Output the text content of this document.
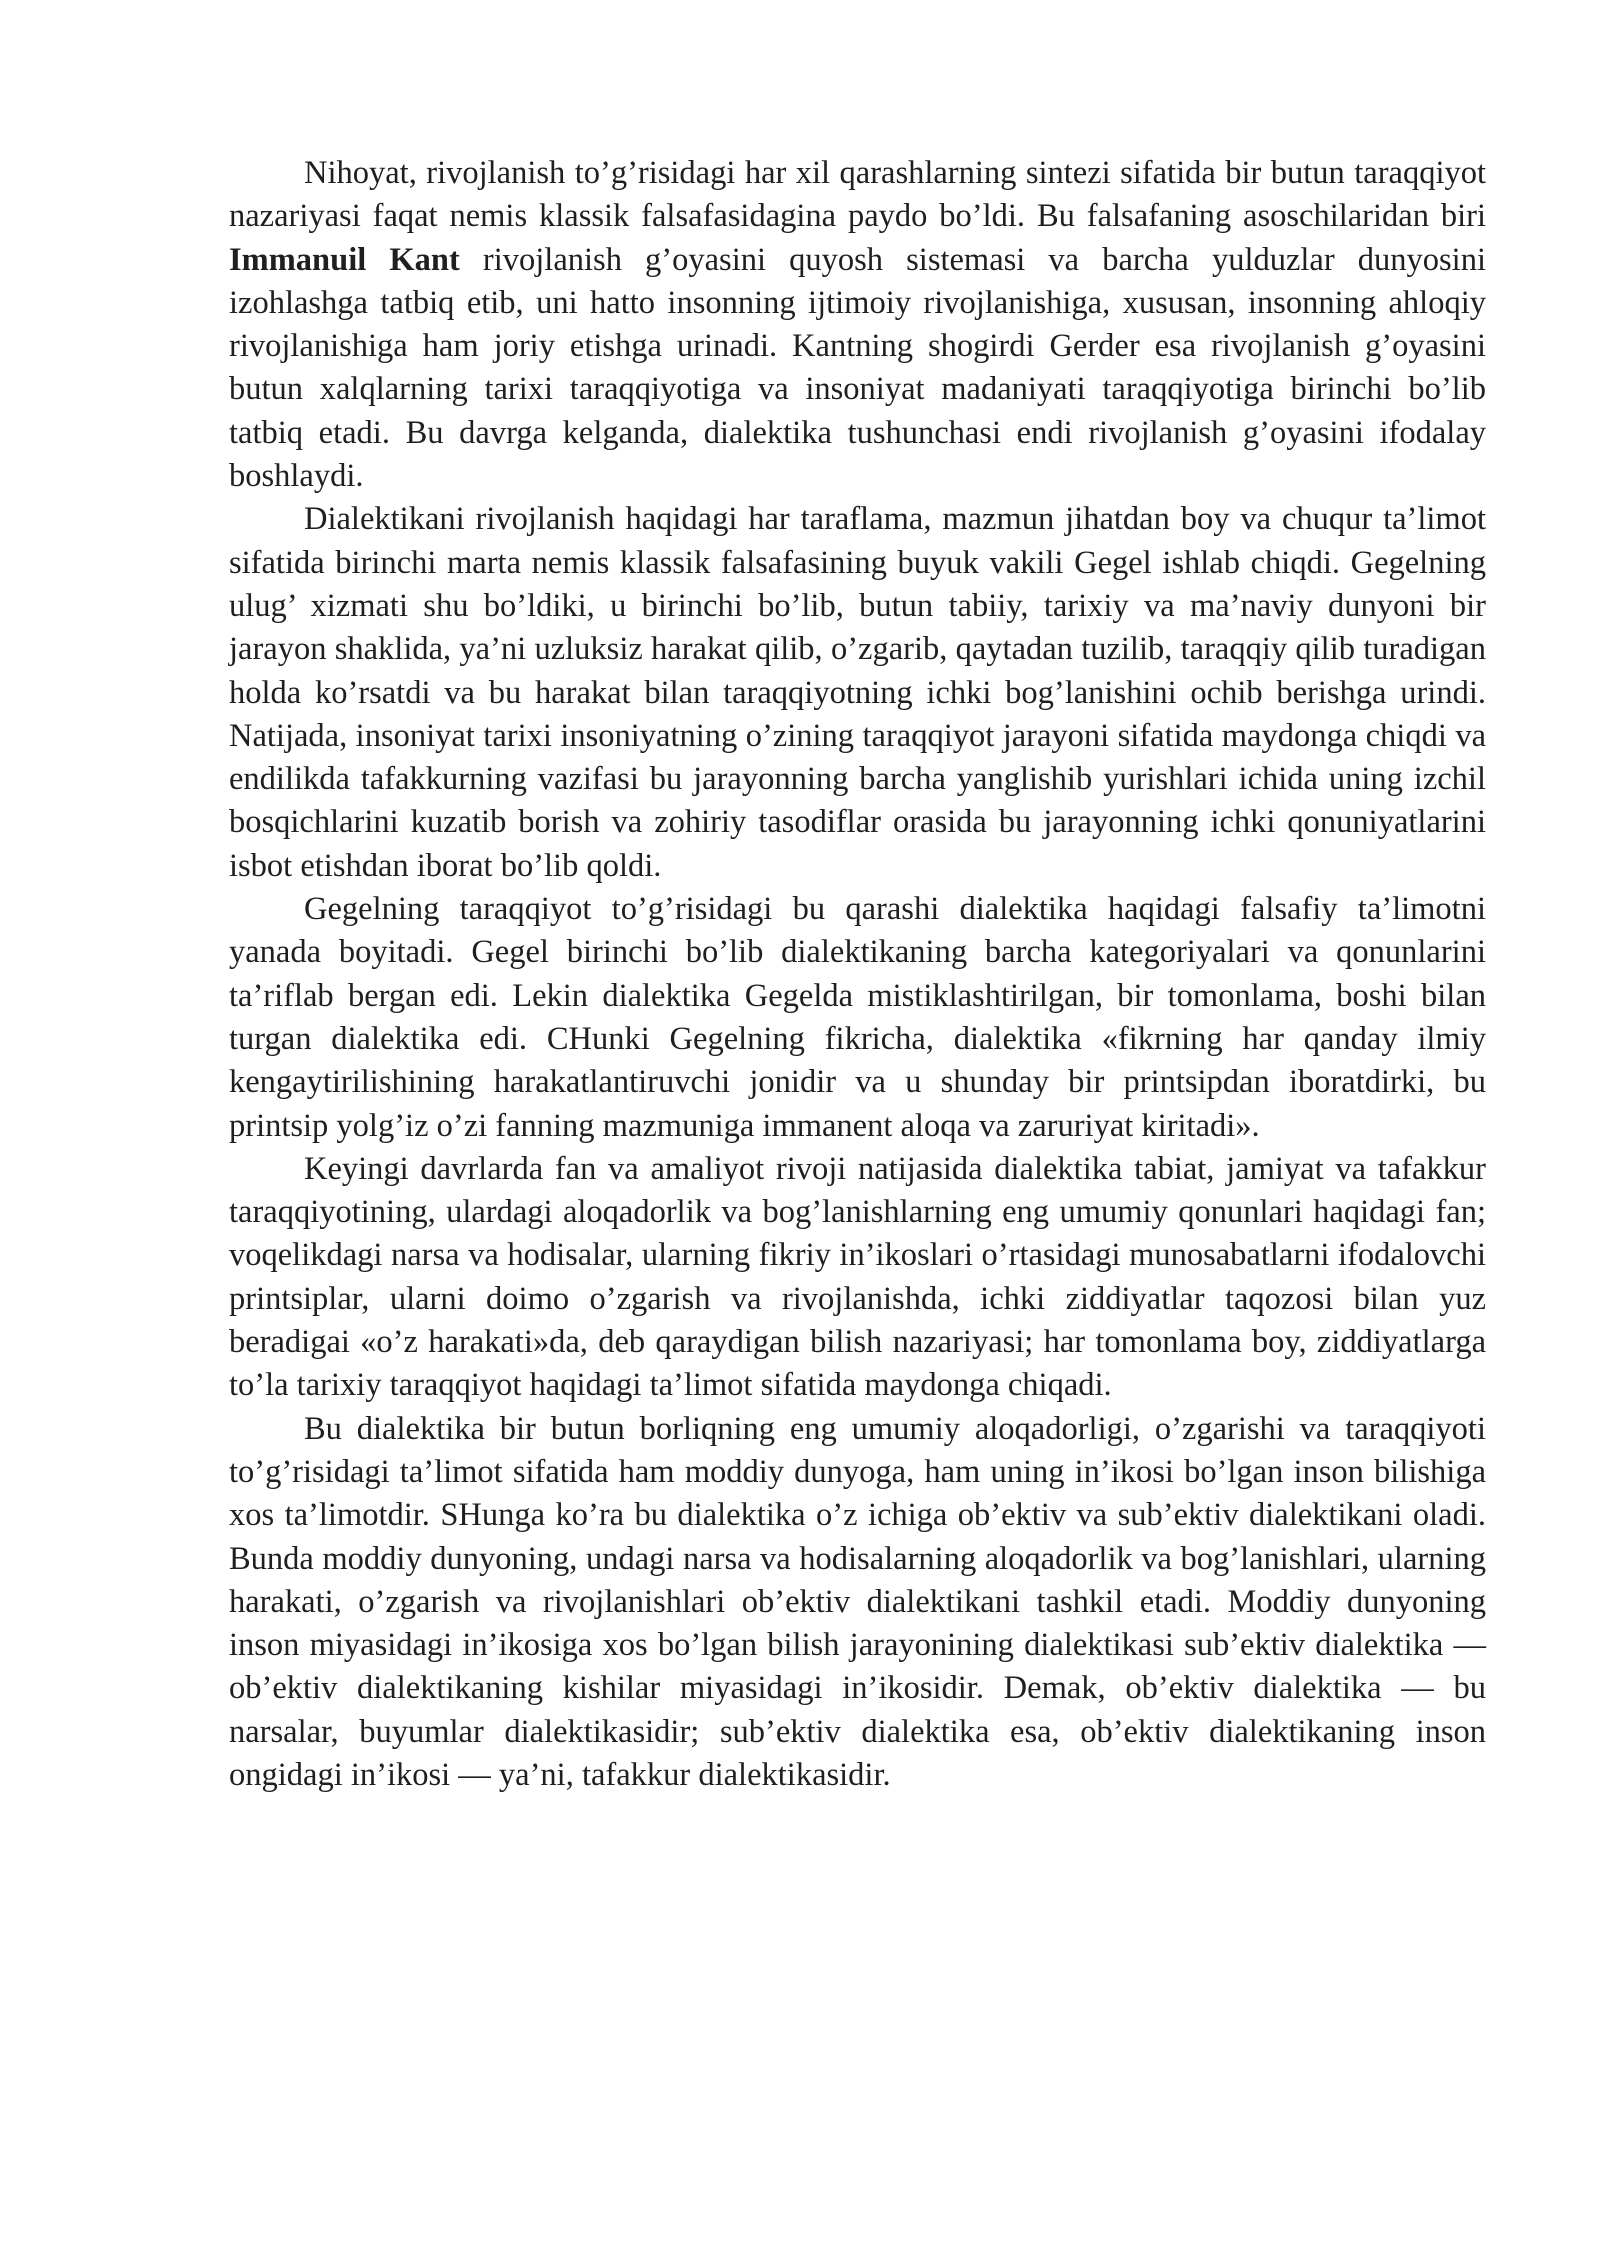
Nihoyat, rivojlanish to’g’risidagi har xil qarashlarning sintezi sifatida bir butun taraqqiyot nazariyasi faqat nemis klassik falsafasidagina paydo bo’ldi. Bu falsafaning asoschilaridan biri Immanuil Kant rivojlanish g’oyasini quyosh sistemasi va barcha yulduzlar dunyosini izohlashga tatbiq etib, uni hatto insonning ijtimoiy rivojlanishiga, xususan, insonning ahloqiy rivojlanishiga ham joriy etishga urinadi. Kantning shogirdi Gerder esa rivojlanish g’oyasini butun xalqlarning tarixi taraqqiyotiga va insoniyat madaniyati taraqqiyotiga birinchi bo’lib tatbiq etadi. Bu davrga kelganda, dialektika tushunchasi endi rivojlanish g’oyasini ifodalay boshlaydi.

Dialektikani rivojlanish haqidagi har taraflama, mazmun jihatdan boy va chuqur ta’limot sifatida birinchi marta nemis klassik falsafasining buyuk vakili Gegel ishlab chiqdi. Gegelning ulug’ xizmati shu bo’ldiki, u birinchi bo’lib, butun tabiiy, tarixiy va ma’naviy dunyoni bir jarayon shaklida, ya’ni uzluksiz harakat qilib, o’zgarib, qaytadan tuzilib, taraqqiy qilib turadigan holda ko’rsatdi va bu harakat bilan taraqqiyotning ichki bog’lanishini ochib berishga urindi. Natijada, insoniyat tarixi insoniyatning o’zining taraqqiyot jarayoni sifatida maydonga chiqdi va endilikda tafakkurning vazifasi bu jarayonning barcha yanglishib yurishlari ichida uning izchil bosqichlarini kuzatib borish va zohiriy tasodiflar orasida bu jarayonning ichki qonuniyatlarini isbot etishdan iborat bo’lib qoldi.

Gegelning taraqqiyot to’g’risidagi bu qarashi dialektika haqidagi falsafiy ta’limotni yanada boyitadi. Gegel birinchi bo’lib dialektikaning barcha kategoriyalari va qonunlarini ta’riflab bergan edi. Lekin dialektika Gegelda mistiklashtirilgan, bir tomonlama, boshi bilan turgan dialektika edi. CHunki Gegelning fikricha, dialektika «fikrning har qanday ilmiy kengaytirilishining harakatlantiruvchi jonidir va u shunday bir printsipdan iboratdirki, bu printsip yolg’iz o’zi fanning mazmuniga immanent aloqa va zaruriyat kiritadi».

Keyingi davrlarda fan va amaliyot rivoji natijasida dialektika tabiat, jamiyat va tafakkur taraqqiyotining, ulardagi aloqadorlik va bog’lanishlarning eng umumiy qonunlari haqidagi fan; voqelikdagi narsa va hodisalar, ularning fikriy in’ikoslari o’rtasidagi munosabatlarni ifodalovchi printsiplar, ularni doimo o’zgarish va rivojlanishda, ichki ziddiyatlar taqozosi bilan yuz beradigai «o’z harakati»da, deb qaraydigan bilish nazariyasi; har tomonlama boy, ziddiyatlarga to’la tarixiy taraqqiyot haqidagi ta’limot sifatida maydonga chiqadi.

Bu dialektika bir butun borliqning eng umumiy aloqadorligi, o’zgarishi va taraqqiyoti to’g’risidagi ta’limot sifatida ham moddiy dunyoga, ham uning in’ikosi bo’lgan inson bilishiga xos ta’limotdir. SHunga ko’ra bu dialektika o’z ichiga ob’ektiv va sub’ektiv dialektikani oladi. Bunda moddiy dunyoning, undagi narsa va hodisalarning aloqadorlik va bog’lanishlari, ularning harakati, o’zgarish va rivojlanishlari ob’ektiv dialektikani tashkil etadi. Moddiy dunyoning inson miyasidagi in’ikosiga xos bo’lgan bilish jarayonining dialektikasi sub’ektiv dialektika — ob’ektiv dialektikaning kishilar miyasidagi in’ikosidir. Demak, ob’ektiv dialektika — bu narsalar, buyumlar dialektikasidir; sub’ektiv dialektika esa, ob’ektiv dialektikaning inson ongidagi in’ikosi — ya’ni, tafakkur dialektikasidir.
